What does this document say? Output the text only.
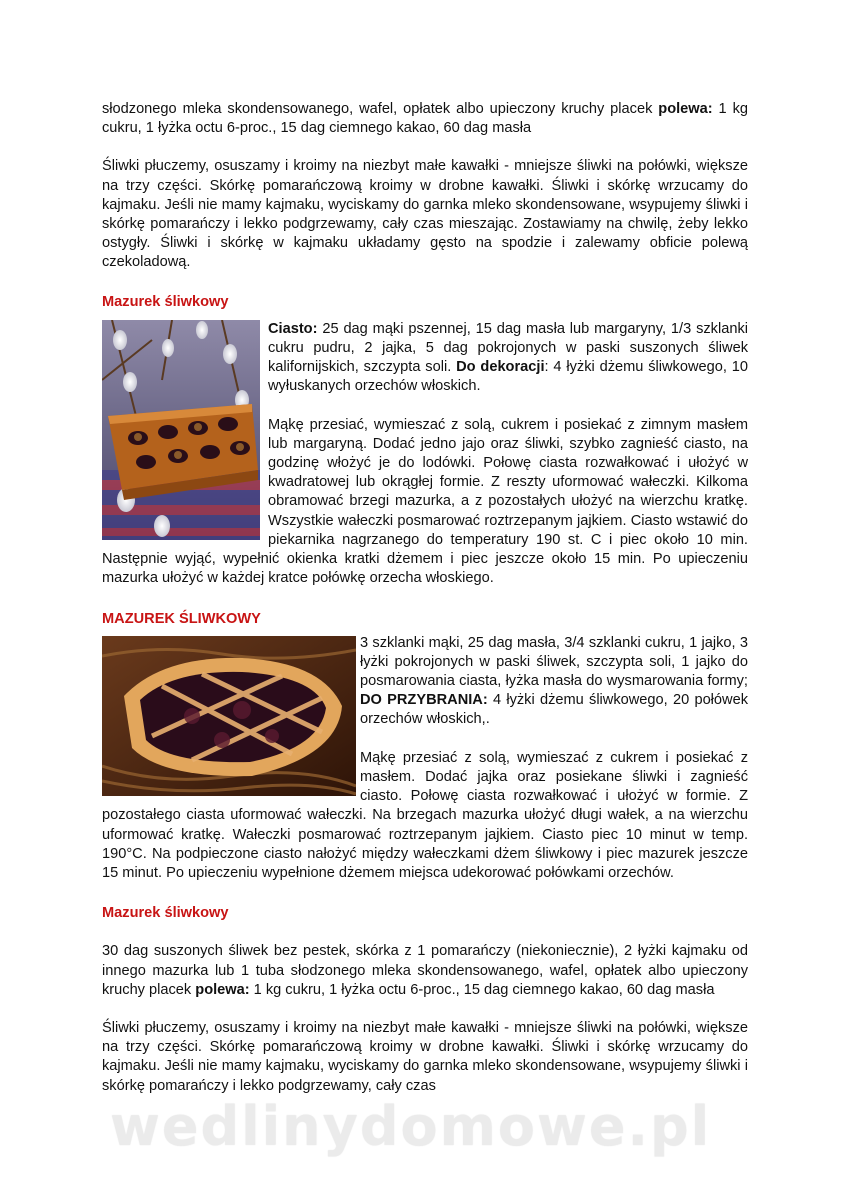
słodzonego mleka skondensowanego, wafel, opłatek albo upieczony kruchy placek polewa: 1 kg cukru, 1 łyżka octu 6-proc., 15 dag ciemnego kakao, 60 dag masła

Śliwki płuczemy, osuszamy i kroimy na niezbyt małe kawałki - mniejsze śliwki na połówki, większe na trzy części. Skórkę pomarańczową kroimy w drobne kawałki. Śliwki i skórkę wrzucamy do kajmaku. Jeśli nie mamy kajmaku, wyciskamy do garnka mleko skondensowane, wsypujemy śliwki i skórkę pomarańczy i lekko podgrzewamy, cały czas mieszając. Zostawiamy na chwilę, żeby lekko ostygły. Śliwki i skórkę w kajmaku układamy gęsto na spodzie i zalewamy obficie polewą czekoladową.

Mazurek śliwkowy

Ciasto: 25 dag mąki pszennej, 15 dag masła lub margaryny, 1/3 szklanki cukru pudru, 2 jajka, 5 dag pokrojonych w paski suszonych śliwek kalifornijskich, szczypta soli. Do dekoracji: 4 łyżki dżemu śliwkowego, 10 wyłuskanych orzechów włoskich.

Mąkę przesiać, wymieszać z solą, cukrem i posiekać z zimnym masłem lub margaryną. Dodać jedno jajo oraz śliwki, szybko zagnieść ciasto, na godzinę włożyć je do lodówki. Połowę ciasta rozwałkować i ułożyć w kwadratowej lub okrągłej formie. Z reszty uformować wałeczki. Kilkoma obramować brzegi mazurka, a z pozostałych ułożyć na wierzchu kratkę. Wszystkie wałeczki posmarować roztrzepanym jajkiem. Ciasto wstawić do piekarnika nagrzanego do temperatury 190 st. C i piec około 10 min. Następnie wyjąć, wypełnić okienka kratki dżemem i piec jeszcze około 15 min. Po upieczeniu mazurka ułożyć w każdej kratce połówkę orzecha włoskiego.

MAZUREK ŚLIWKOWY

3 szklanki mąki, 25 dag masła, 3/4 szklanki cukru, 1 jajko, 3 łyżki pokrojonych w paski śliwek, szczypta soli, 1 jajko do posmarowania ciasta, łyżka masła do wysmarowania formy; DO PRZYBRANIA: 4 łyżki dżemu śliwkowego, 20 połówek orzechów włoskich,.

Mąkę przesiać z solą, wymieszać z cukrem i posiekać z masłem. Dodać jajka oraz posiekane śliwki i zagnieść ciasto. Połowę ciasta rozwałkować i ułożyć w formie. Z pozostałego ciasta uformować wałeczki. Na brzegach mazurka ułożyć długi wałek, a na wierzchu uformować kratkę. Wałeczki posmarować roztrzepanym jajkiem. Ciasto piec 10 minut w temp. 190°C. Na podpieczone ciasto nałożyć między wałeczkami dżem śliwkowy i piec mazurek jeszcze 15 minut. Po upieczeniu wypełnione dżemem miejsca udekorować połówkami orzechów.

Mazurek śliwkowy

30 dag suszonych śliwek bez pestek, skórka z 1 pomarańczy (niekoniecznie), 2 łyżki kajmaku od innego mazurka lub 1 tuba słodzonego mleka skondensowanego, wafel, opłatek albo upieczony kruchy placek polewa: 1 kg cukru, 1 łyżka octu 6-proc., 15 dag ciemnego kakao, 60 dag masła

Śliwki płuczemy, osuszamy i kroimy na niezbyt małe kawałki - mniejsze śliwki na połówki, większe na trzy części. Skórkę pomarańczową kroimy w drobne kawałki. Śliwki i skórkę wrzucamy do kajmaku. Jeśli nie mamy kajmaku, wyciskamy do garnka mleko skondensowane, wsypujemy śliwki i skórkę pomarańczy i lekko podgrzewamy, cały czas

wedlinydomowe.pl
